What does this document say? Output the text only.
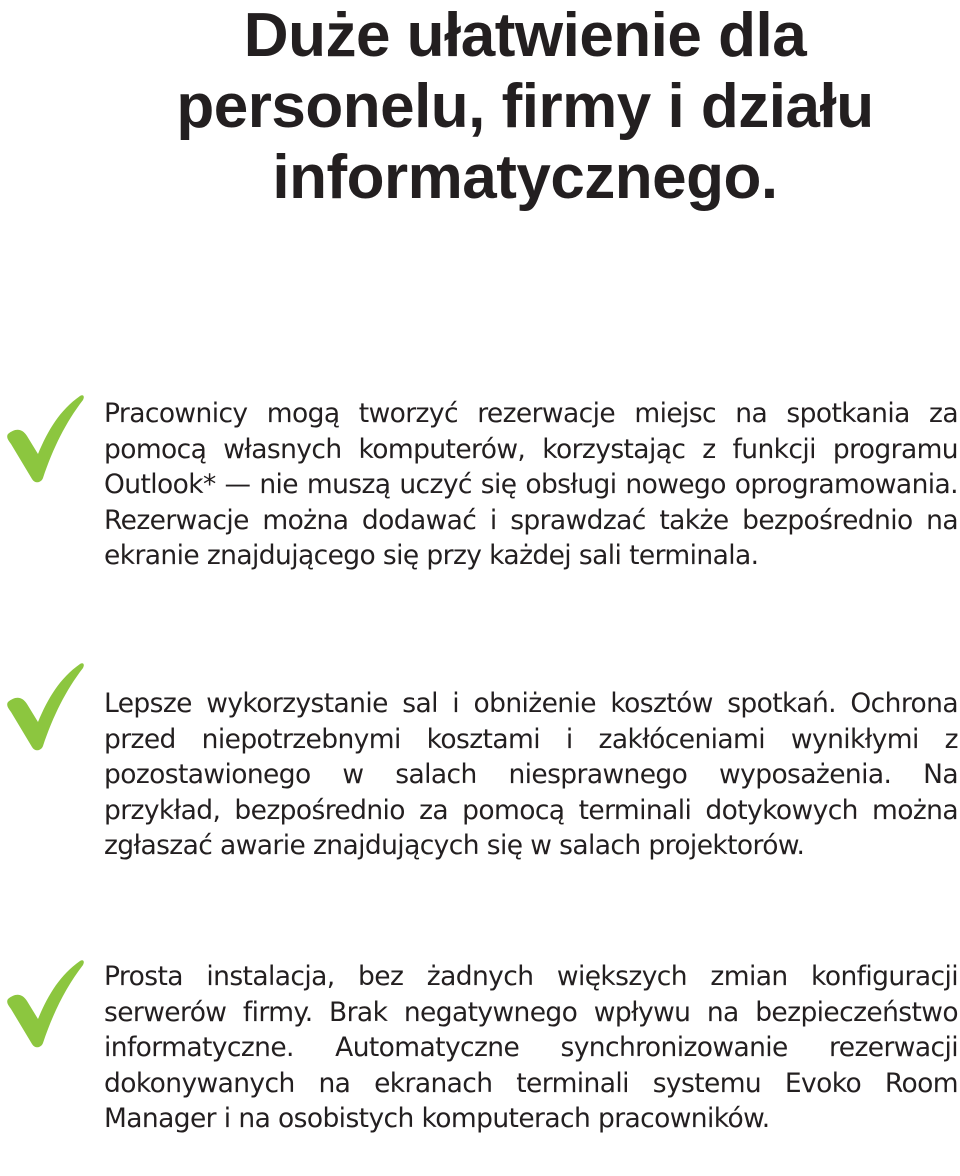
Duże ułatwienie dla personelu, firmy i działu informatycznego.

Pracownicy mogą tworzyć rezerwacje miejsc na spotkania za pomocą własnych komputerów, korzystając z funkcji programu Outlook* — nie muszą uczyć się obsługi nowego oprogramowania. Rezerwacje można dodawać i sprawdzać także bezpośrednio na ekranie znajdującego się przy każdej sali terminala.

Lepsze wykorzystanie sal i obniżenie kosztów spotkań. Ochrona przed niepotrzebnymi kosztami i zakłóceniami wynikłymi z pozostawionego w salach niesprawnego wyposażenia. Na przykład, bezpośrednio za pomocą terminali dotykowych można zgłaszać awarie znajdujących się w salach projektorów.

Prosta instalacja, bez żadnych większych zmian konfiguracji serwerów firmy. Brak negatywnego wpływu na bezpieczeństwo informatyczne. Automatyczne synchronizowanie rezerwacji dokonywanych na ekranach terminali systemu Evoko Room Manager i na osobistych komputerach pracowników.
